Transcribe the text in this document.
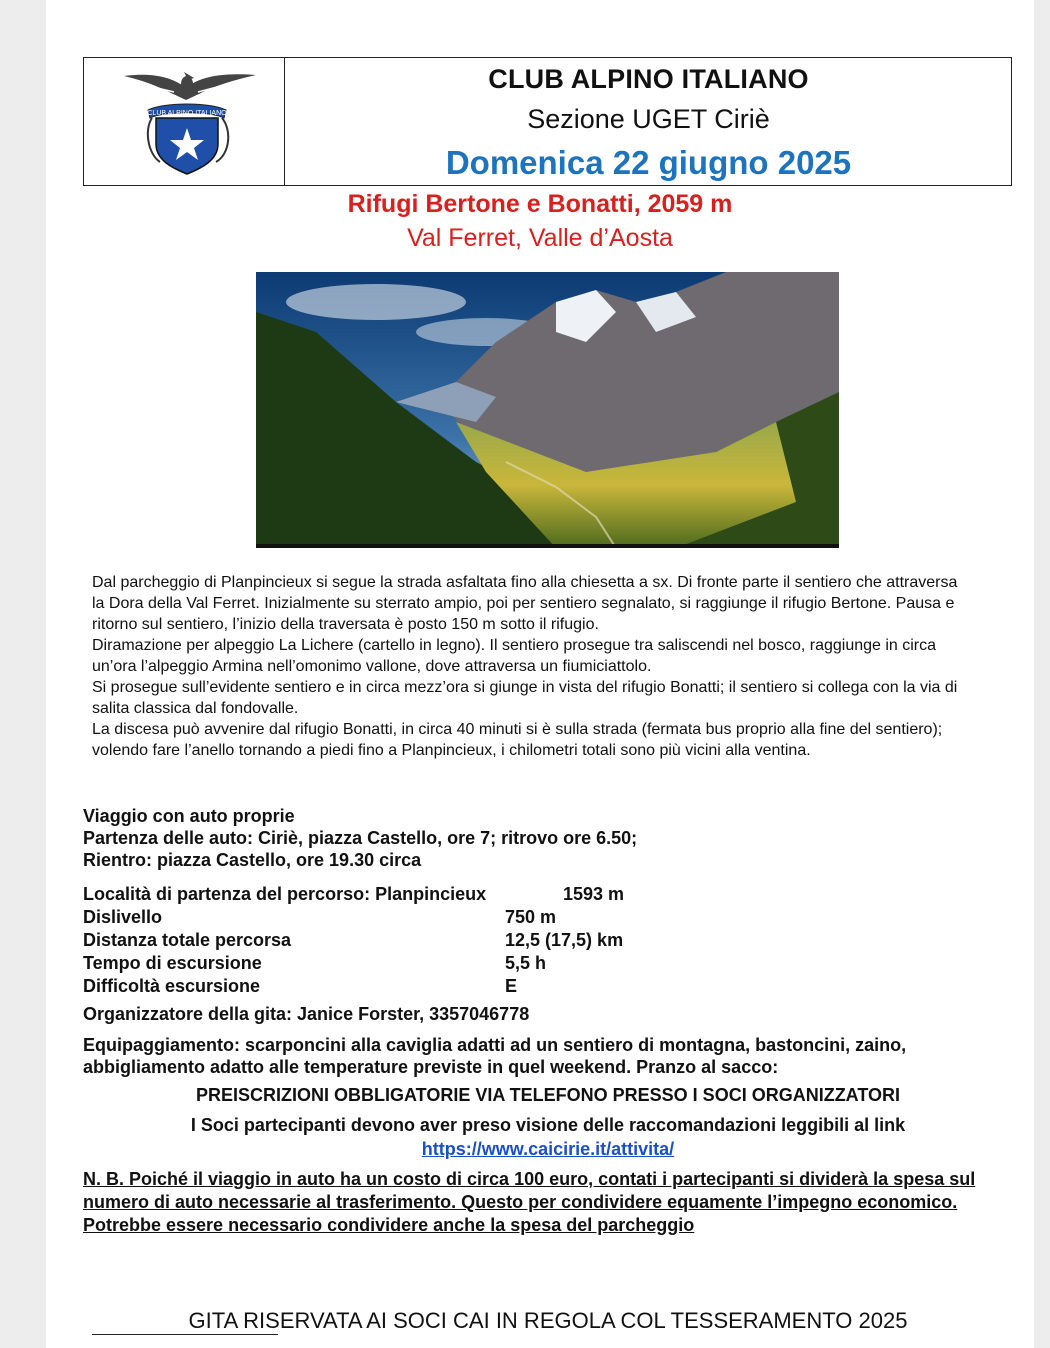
CLUB ALPINO ITALIANO
CLUB ALPINO ITALIANO
Sezione UGET Ciriè
Domenica 22 giugno 2025
Rifugi Bertone e Bonatti, 2059 m
Val Ferret, Valle d’Aosta

Dal parcheggio di Planpincieux si segue la strada asfaltata fino alla chiesetta a sx. Di fronte parte il sentiero che attraversa la Dora della Val Ferret. Inizialmente su sterrato ampio, poi per sentiero segnalato, si raggiunge il rifugio Bertone. Pausa e ritorno sul sentiero, l’inizio della traversata è posto 150 m sotto il rifugio.

Diramazione per alpeggio La Lichere (cartello in legno). Il sentiero prosegue tra saliscendi nel bosco, raggiunge in circa un’ora l’alpeggio Armina nell’omonimo vallone, dove attraversa un fiumiciattolo.

Si prosegue sull’evidente sentiero e in circa mezz’ora si giunge in vista del rifugio Bonatti; il sentiero si collega con la via di salita classica dal fondovalle.

La discesa può avvenire dal rifugio Bonatti, in circa 40 minuti si è sulla strada (fermata bus proprio alla fine del sentiero); volendo fare l’anello tornando a piedi fino a Planpincieux, i chilometri totali sono più vicini alla ventina.

Viaggio con auto proprie
Partenza delle auto: Ciriè, piazza Castello, ore 7; ritrovo ore 6.50;
Rientro: piazza Castello, ore 19.30 circa
Località di partenza del percorso: Planpincieux	1593 m
Dislivello	750 m
Distanza totale percorsa	12,5 (17,5) km
Tempo di escursione	5,5 h
Difficoltà escursione	E
Organizzatore della gita: Janice Forster, 3357046778
Equipaggiamento: scarponcini alla caviglia adatti ad un sentiero di montagna, bastoncini, zaino, abbigliamento adatto alle temperature previste in quel weekend. Pranzo al sacco:
PREISCRIZIONI OBBLIGATORIE VIA TELEFONO PRESSO I SOCI ORGANIZZATORI
I Soci partecipanti devono aver preso visione delle raccomandazioni leggibili al link
https://www.caicirie.it/attivita/
N. B. Poiché il viaggio in auto ha un costo di circa 100 euro, contati i partecipanti si dividerà la spesa sul numero di auto necessarie al trasferimento. Questo per condividere equamente l’impegno economico. Potrebbe essere necessario condividere anche la spesa del parcheggio
GITA RISERVATA AI SOCI CAI IN REGOLA COL TESSERAMENTO 2025
